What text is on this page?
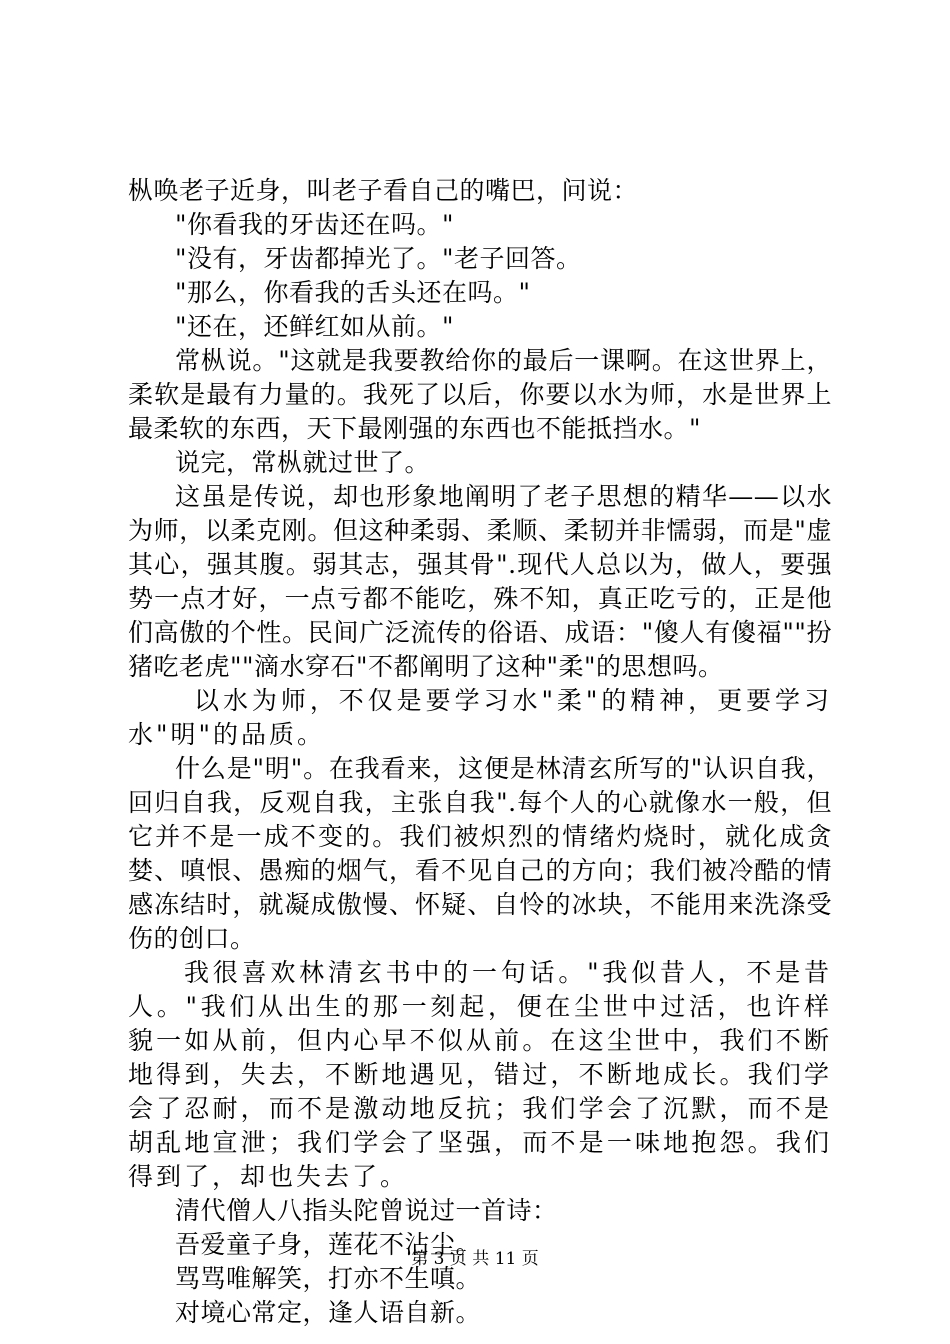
枞唤老子近身，叫老子看自己的嘴巴，问说：

"你看我的牙齿还在吗。"

"没有，牙齿都掉光了。"老子回答。

"那么，你看我的舌头还在吗。"

"还在，还鲜红如从前。"

常枞说。"这就是我要教给你的最后一课啊。在这世界上，柔软是最有力量的。我死了以后，你要以水为师，水是世界上最柔软的东西，天下最刚强的东西也不能抵挡水。"

说完，常枞就过世了。

这虽是传说，却也形象地阐明了老子思想的精华——以水为师，以柔克刚。但这种柔弱、柔顺、柔韧并非懦弱，而是"虚其心，强其腹。弱其志，强其骨".现代人总以为，做人，要强势一点才好，一点亏都不能吃，殊不知，真正吃亏的，正是他们高傲的个性。民间广泛流传的俗语、成语："傻人有傻福""扮猪吃老虎""滴水穿石"不都阐明了这种"柔"的思想吗。

以水为师，不仅是要学习水"柔"的精神，更要学习水"明"的品质。

什么是"明"。在我看来，这便是林清玄所写的"认识自我，回归自我，反观自我，主张自我".每个人的心就像水一般，但它并不是一成不变的。我们被炽烈的情绪灼烧时，就化成贪婪、嗔恨、愚痴的烟气，看不见自己的方向；我们被冷酷的情感冻结时，就凝成傲慢、怀疑、自怜的冰块，不能用来洗涤受伤的创口。

我很喜欢林清玄书中的一句话。"我似昔人，不是昔人。"我们从出生的那一刻起，便在尘世中过活，也许样貌一如从前，但内心早不似从前。在这尘世中，我们不断地得到，失去，不断地遇见，错过，不断地成长。我们学会了忍耐，而不是激动地反抗；我们学会了沉默，而不是胡乱地宣泄；我们学会了坚强，而不是一味地抱怨。我们得到了，却也失去了。

清代僧人八指头陀曾说过一首诗：

吾爱童子身，莲花不沾尘。

骂骂唯解笑，打亦不生嗔。

对境心常定，逢人语自新。

第 3 页 共 11 页
